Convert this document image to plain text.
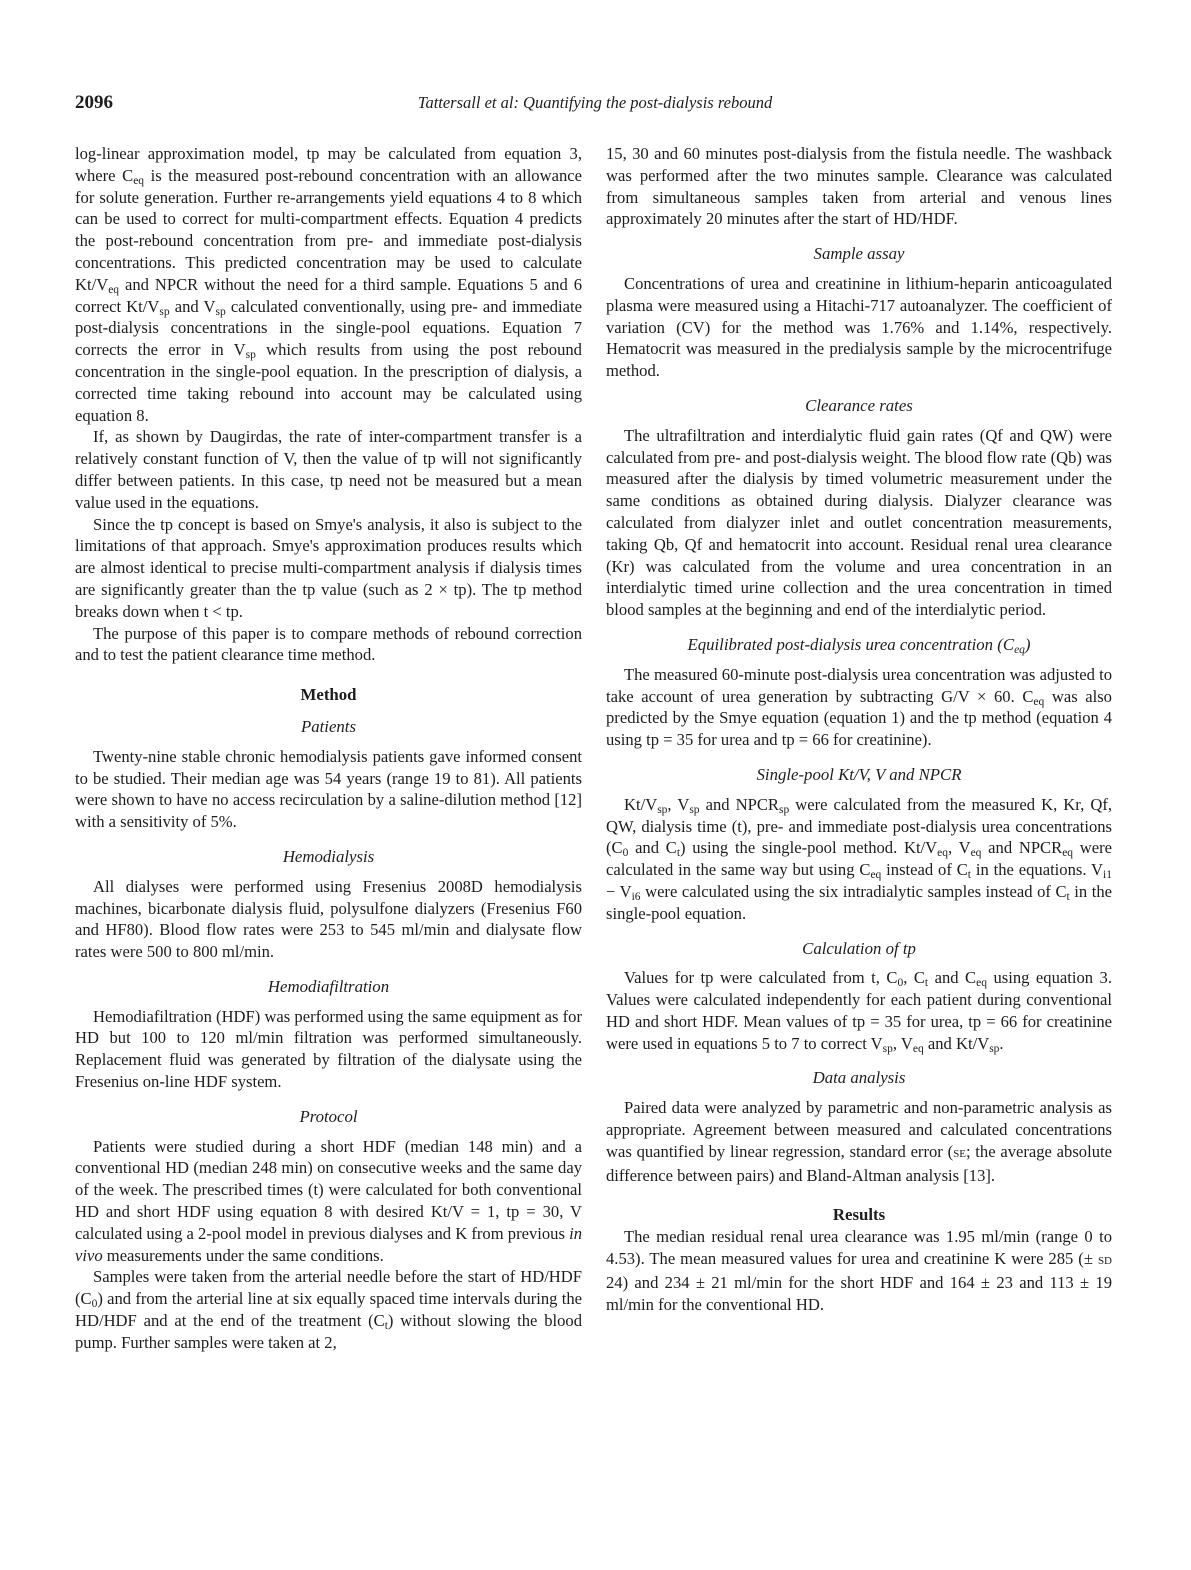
2096	Tattersall et al: Quantifying the post-dialysis rebound

log-linear approximation model, tp may be calculated from equation 3, where $C_{eq}$ is the measured post-rebound concentration with an allowance for solute generation. Further re-arrangements yield equations 4 to 8 which can be used to correct for multi-compartment effects. Equation 4 predicts the post-rebound concentration from pre- and immediate post-dialysis concentrations. This predicted concentration may be used to calculate $Kt/V_{eq}$ and NPCR without the need for a third sample. Equations 5 and 6 correct $Kt/V_{sp}$ and $V_{sp}$ calculated conventionally, using pre- and immediate post-dialysis concentrations in the single-pool equations. Equation 7 corrects the error in $V_{sp}$ which results from using the post rebound concentration in the single-pool equation. In the prescription of dialysis, a corrected time taking rebound into account may be calculated using equation 8.

If, as shown by Daugirdas, the rate of inter-compartment transfer is a relatively constant function of V, then the value of tp will not significantly differ between patients. In this case, tp need not be measured but a mean value used in the equations.

Since the tp concept is based on Smye's analysis, it also is subject to the limitations of that approach. Smye's approximation produces results which are almost identical to precise multi-compartment analysis if dialysis times are significantly greater than the tp value (such as 2 × tp). The tp method breaks down when t < tp.

The purpose of this paper is to compare methods of rebound correction and to test the patient clearance time method.

Method
Patients

Twenty-nine stable chronic hemodialysis patients gave informed consent to be studied. Their median age was 54 years (range 19 to 81). All patients were shown to have no access recirculation by a saline-dilution method [12] with a sensitivity of 5%.

Hemodialysis

All dialyses were performed using Fresenius 2008D hemodialysis machines, bicarbonate dialysis fluid, polysulfone dialyzers (Fresenius F60 and HF80). Blood flow rates were 253 to 545 ml/min and dialysate flow rates were 500 to 800 ml/min.

Hemodiafiltration

Hemodiafiltration (HDF) was performed using the same equipment as for HD but 100 to 120 ml/min filtration was performed simultaneously. Replacement fluid was generated by filtration of the dialysate using the Fresenius on-line HDF system.

Protocol

Patients were studied during a short HDF (median 148 min) and a conventional HD (median 248 min) on consecutive weeks and the same day of the week. The prescribed times (t) were calculated for both conventional HD and short HDF using equation 8 with desired Kt/V = 1, tp = 30, V calculated using a 2-pool model in previous dialyses and K from previous in vivo measurements under the same conditions.

Samples were taken from the arterial needle before the start of HD/HDF $(C_0)$ and from the arterial line at six equally spaced time intervals during the HD/HDF and at the end of the treatment $(C_t)$ without slowing the blood pump. Further samples were taken at 2,

15, 30 and 60 minutes post-dialysis from the fistula needle. The washback was performed after the two minutes sample. Clearance was calculated from simultaneous samples taken from arterial and venous lines approximately 20 minutes after the start of HD/HDF.

Sample assay

Concentrations of urea and creatinine in lithium-heparin anticoagulated plasma were measured using a Hitachi-717 autoanalyzer. The coefficient of variation (CV) for the method was 1.76% and 1.14%, respectively. Hematocrit was measured in the predialysis sample by the microcentrifuge method.

Clearance rates

The ultrafiltration and interdialytic fluid gain rates (Qf and QW) were calculated from pre- and post-dialysis weight. The blood flow rate (Qb) was measured after the dialysis by timed volumetric measurement under the same conditions as obtained during dialysis. Dialyzer clearance was calculated from dialyzer inlet and outlet concentration measurements, taking Qb, Qf and hematocrit into account. Residual renal urea clearance (Kr) was calculated from the volume and urea concentration in an interdialytic timed urine collection and the urea concentration in timed blood samples at the beginning and end of the interdialytic period.

Equilibrated post-dialysis urea concentration $(C_{eq})$

The measured 60-minute post-dialysis urea concentration was adjusted to take account of urea generation by subtracting G/V × 60. $C_{eq}$ was also predicted by the Smye equation (equation 1) and the tp method (equation 4 using tp = 35 for urea and tp = 66 for creatinine).

Single-pool Kt/V, V and NPCR

$Kt/V_{sp}$, $V_{sp}$ and $NPCR_{sp}$ were calculated from the measured K, Kr, Qf, QW, dialysis time (t), pre- and immediate post-dialysis urea concentrations ($C_0$ and $C_t$) using the single-pool method. $Kt/V_{eq}$, $V_{eq}$ and $NPCR_{eq}$ were calculated in the same way but using $C_{eq}$ instead of $C_t$ in the equations. $V_{i1} - V_{i6}$ were calculated using the six intradialytic samples instead of $C_t$ in the single-pool equation.

Calculation of tp

Values for tp were calculated from t, $C_0$, $C_t$ and $C_{eq}$ using equation 3. Values were calculated independently for each patient during conventional HD and short HDF. Mean values of tp = 35 for urea, tp = 66 for creatinine were used in equations 5 to 7 to correct $V_{sp}$, $V_{eq}$ and $Kt/V_{sp}$.

Data analysis

Paired data were analyzed by parametric and non-parametric analysis as appropriate. Agreement between measured and calculated concentrations was quantified by linear regression, standard error (se; the average absolute difference between pairs) and Bland-Altman analysis [13].

Results

The median residual renal urea clearance was 1.95 ml/min (range 0 to 4.53). The mean measured values for urea and creatinine K were 285 (± sd 24) and 234 ± 21 ml/min for the short HDF and 164 ± 23 and 113 ± 19 ml/min for the conventional HD.
